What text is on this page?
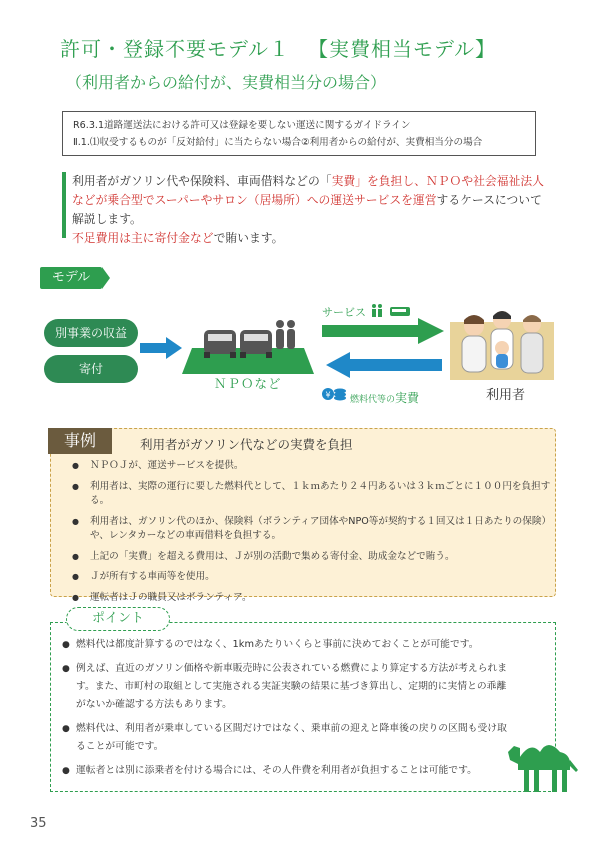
許可・登録不要モデル１ 【実費相当モデル】
（利用者からの給付が、実費相当分の場合）
R6.3.1道路運送法における許可又は登録を要しない運送に関するガイドライン
Ⅱ.1.⑴収受するものが「反対給付」に当たらない場合②利用者からの給付が、実費相当分の場合

利用者がガソリン代や保険料、車両借料などの「実費」を負担し、ＮＰＯや社会福祉法人などが乗合型でスーパーやサロン（居場所）への運送サービスを運営するケースについて解説します。

不足費用は主に寄付金などで賄います。

モデル
別事業の収益
寄付
ＮＰＯなど
サービス
¥ 燃料代等の実費	利用者
事例	利用者がガソリン代などの実費を負担
● ＮＰＯＪが、運送サービスを提供。
● 利用者は、実際の運行に要した燃料代として、１ｋｍあたり２４円あるいは３ｋｍごとに１００円を負担する。
● 利用者は、ガソリン代のほか、保険料（ボランティア団体やNPO等が契約する１回又は１日あたりの保険）や、レンタカーなどの車両借料を負担する。
● 上記の「実費」を超える費用は、Ｊが別の活動で集める寄付金、助成金などで賄う。
● Ｊが所有する車両等を使用。
● 運転者はＪの職員又はボランティア。
ポイント
● 燃料代は都度計算するのではなく、1kmあたりいくらと事前に決めておくことが可能です。
● 例えば、直近のガソリン価格や新車販売時に公表されている燃費により算定する方法が考えられます。また、市町村の取組として実施される実証実験の結果に基づき算出し、定期的に実情との乖離がないか確認する方法もあります。
● 燃料代は、利用者が乗車している区間だけではなく、乗車前の迎えと降車後の戻りの区間も受け取ることが可能です。
● 運転者とは別に添乗者を付ける場合には、その人件費を利用者が負担することは可能です。
35
